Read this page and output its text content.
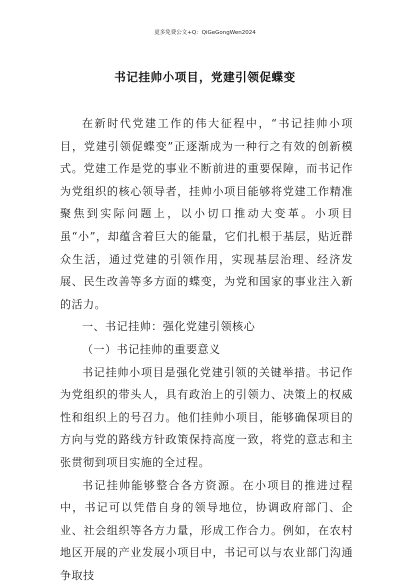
更多免费公文+Q：QiGeGongWen2024
书记挂帅小项目，党建引领促蝶变

在新时代党建工作的伟大征程中，“书记挂帅小项目，党建引领促蝶变”正逐渐成为一种行之有效的创新模式。党建工作是党的事业不断前进的重要保障，而书记作为党组织的核心领导者，挂帅小项目能够将党建工作精准聚焦到实际问题上，以小切口推动大变革。小项目虽“小”，却蕴含着巨大的能量，它们扎根于基层，贴近群众生活，通过党建的引领作用，实现基层治理、经济发展、民生改善等多方面的蝶变，为党和国家的事业注入新的活力。

一、书记挂帅：强化党建引领核心

（一）书记挂帅的重要意义

书记挂帅小项目是强化党建引领的关键举措。书记作为党组织的带头人，具有政治上的引领力、决策上的权威性和组织上的号召力。他们挂帅小项目，能够确保项目的方向与党的路线方针政策保持高度一致，将党的意志和主张贯彻到项目实施的全过程。

书记挂帅能够整合各方资源。在小项目的推进过程中，书记可以凭借自身的领导地位，协调政府部门、企业、社会组织等各方力量，形成工作合力。例如，在农村地区开展的产业发展小项目中，书记可以与农业部门沟通争取技
